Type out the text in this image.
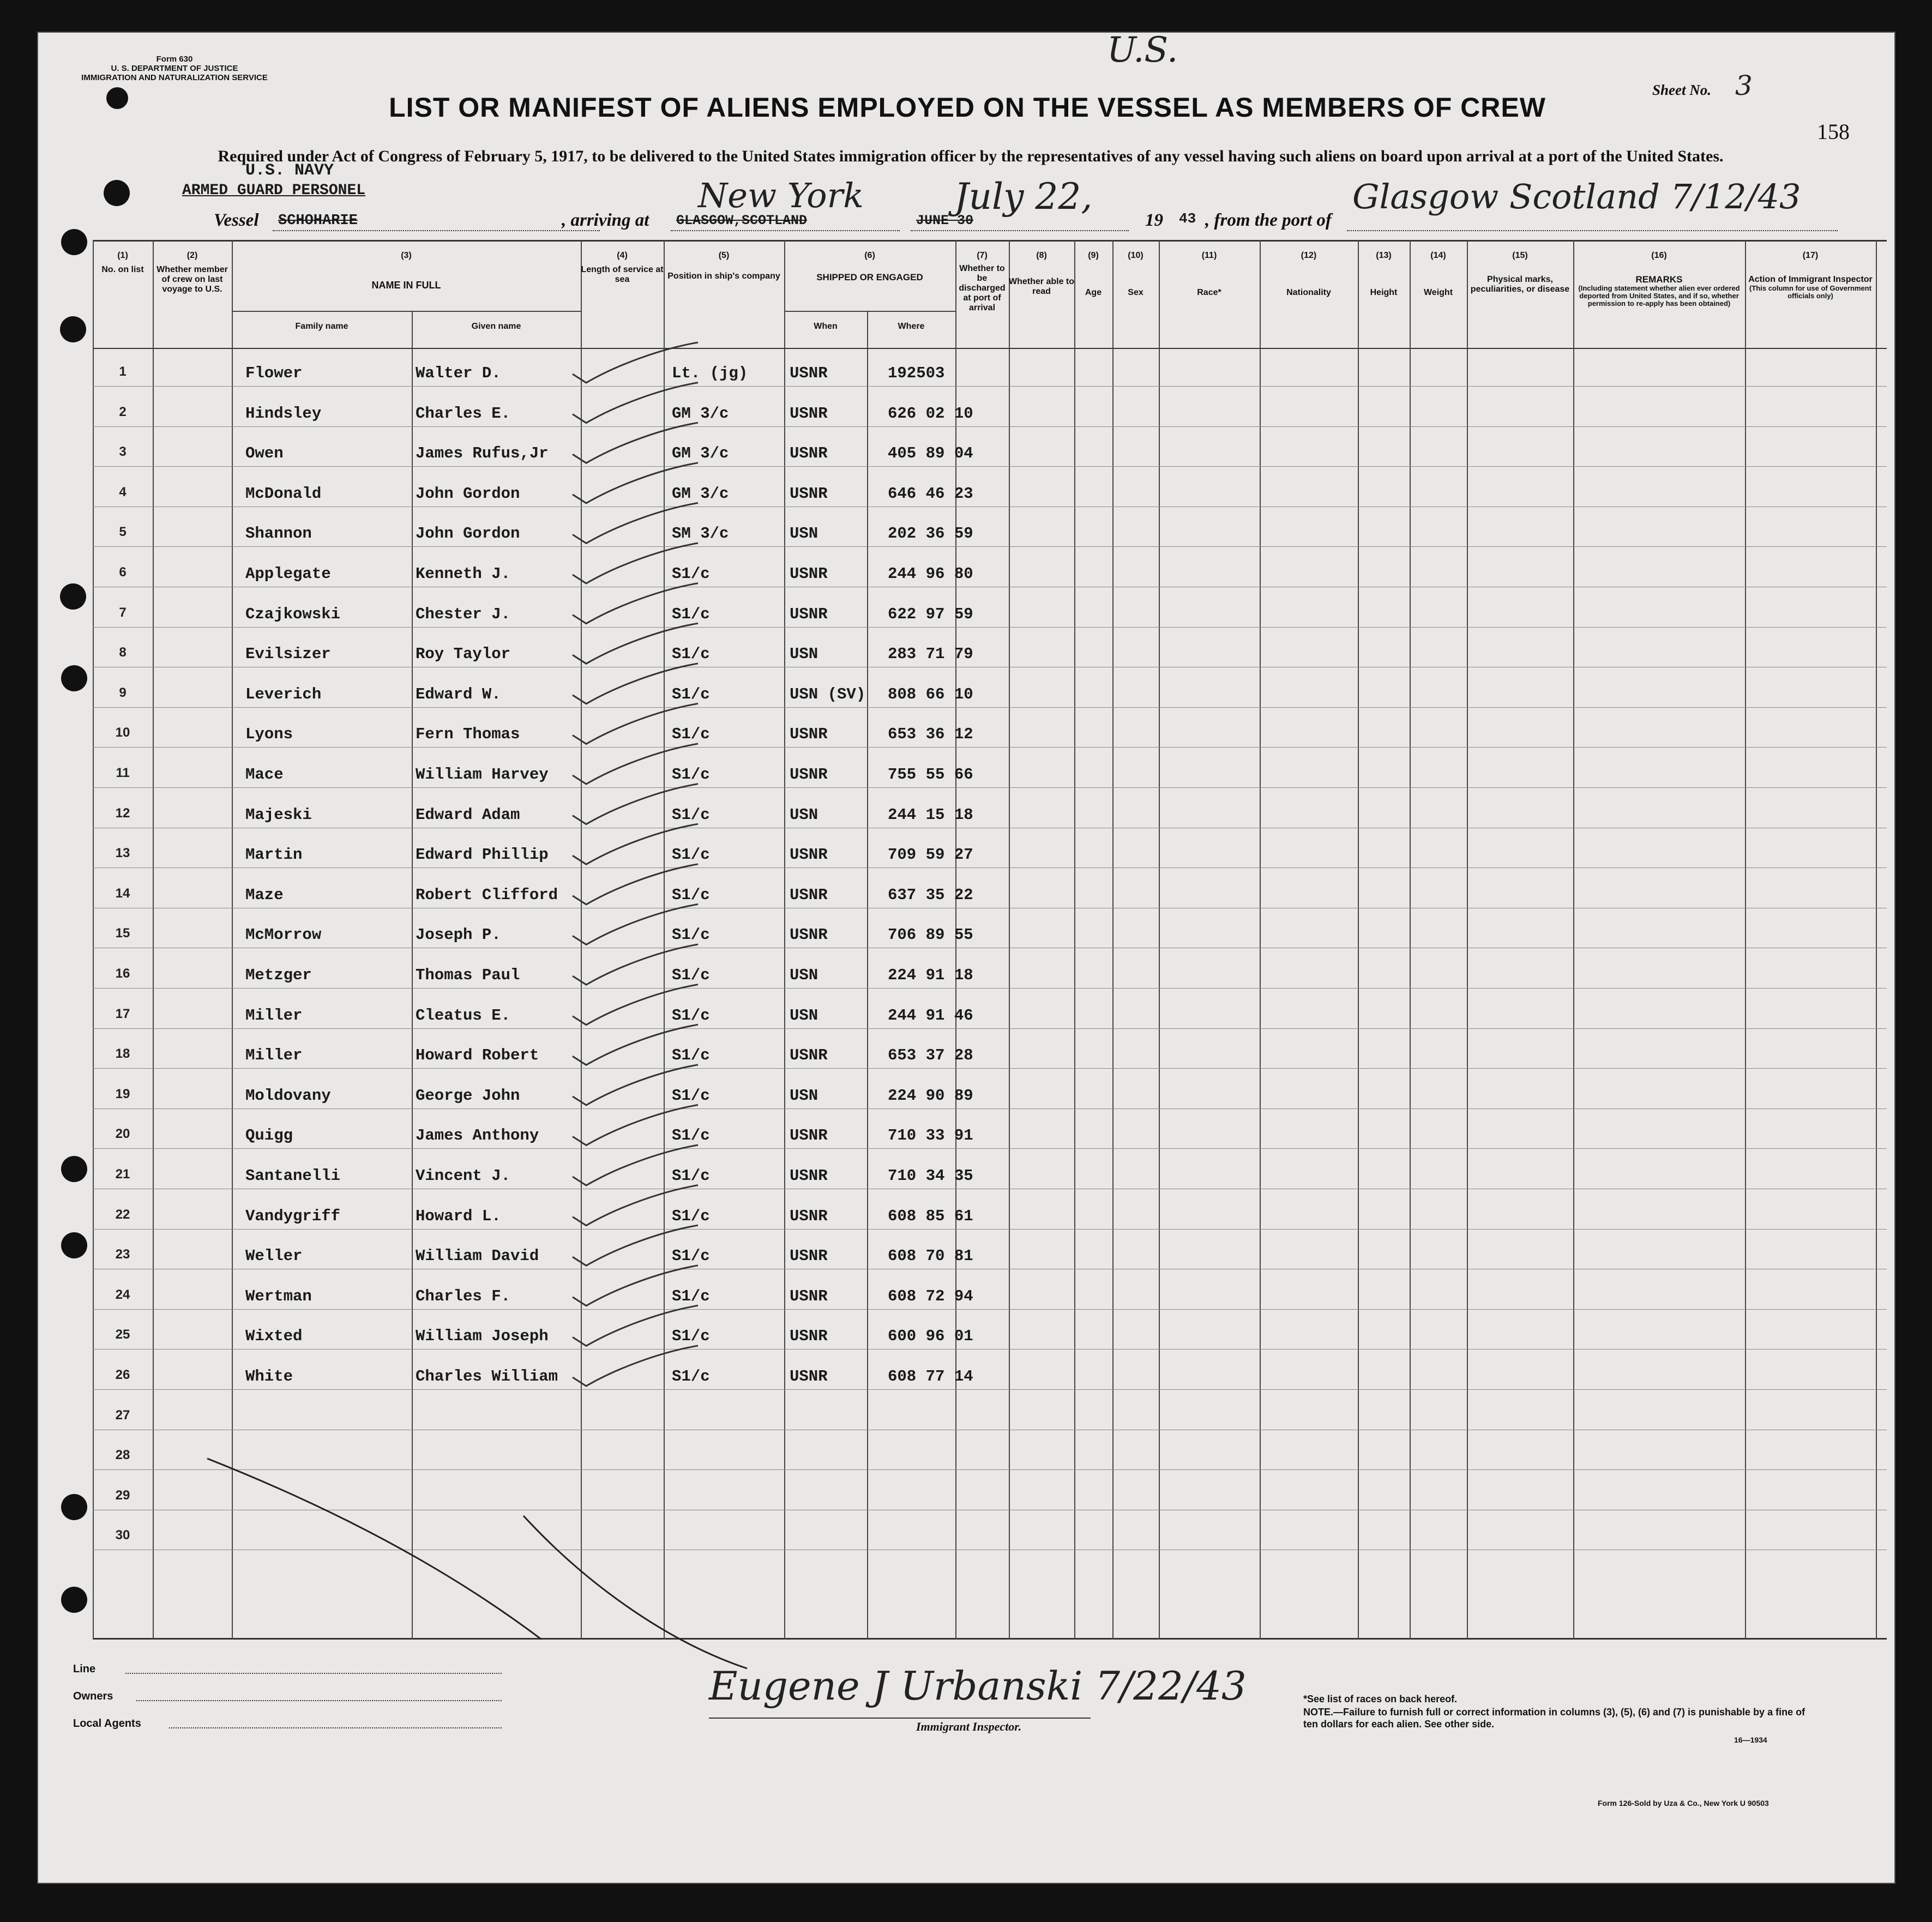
Form 630
U. S. DEPARTMENT OF JUSTICE
IMMIGRATION AND NATURALIZATION SERVICE
U.S.
Sheet No. 3
158
LIST OR MANIFEST OF ALIENS EMPLOYED ON THE VESSEL AS MEMBERS OF CREW
Required under Act of Congress of February 5, 1917, to be delivered to the United States immigration officer by the representatives of any vessel having such aliens on board upon arrival at a port of the United States.
U.S. NAVY
ARMED GUARD PERSONEL
Vessel SCHOHARIE	, arriving at GLASGOW,SCOTLAND
New York
JUNE 30
July 22,
19 43 , from the port of
Glasgow Scotland 7/12/43
(1)
No. on list
(2)
Whether member of crew on last voyage to U.S.
(3)
NAME IN FULL
Family name	Given name
(4)
Length of service at sea
(5)
Position in ship's company
(6)
SHIPPED OR ENGAGED
When	Where
(7)
Whether to be discharged at port of arrival
(8)
Whether able to read
(9)
Age
(10)
Sex
(11)
Race*
(12)
Nationality
(13)
Height
(14)
Weight
(15)
Physical marks, peculiarities, or disease
(16)
REMARKS
(Including statement whether alien ever ordered deported from United States, and if so, whether permission to re-apply has been obtained)
(17)
Action of Immigrant Inspector
(This column for use of Government officials only)
1	Flower	Walter D.	Lt. (jg)	USNR	192503
2	Hindsley	Charles E.	GM 3/c	USNR	626 02 10
3	Owen	James Rufus,Jr	GM 3/c	USNR	405 89 04
4	McDonald	John Gordon	GM 3/c	USNR	646 46 23
5	Shannon	John Gordon	SM 3/c	USN	202 36 59
6	Applegate	Kenneth J.	S1/c	USNR	244 96 80
7	Czajkowski	Chester J.	S1/c	USNR	622 97 59
8	Evilsizer	Roy Taylor	S1/c	USN	283 71 79
9	Leverich	Edward W.	S1/c	USN (SV) 808 66 10
10	Lyons	Fern Thomas	S1/c	USNR	653 36 12
11	Mace	William Harvey	S1/c	USNR	755 55 66
12	Majeski	Edward Adam	S1/c	USN	244 15 18
13	Martin	Edward Phillip	S1/c	USNR	709 59 27
14	Maze	Robert Clifford	S1/c	USNR	637 35 22
15	McMorrow	Joseph P.	S1/c	USNR	706 89 55
16	Metzger	Thomas Paul	S1/c	USN	224 91 18
17	Miller	Cleatus E.	S1/c	USN	244 91 46
18	Miller	Howard Robert	S1/c	USNR	653 37 28
19	Moldovany	George John	S1/c	USN	224 90 89
20	Quigg	James Anthony	S1/c	USNR	710 33 91
21	Santanelli	Vincent J.	S1/c	USNR	710 34 35
22	Vandygriff	Howard L.	S1/c	USNR	608 85 61
23	Weller	William David	S1/c	USNR	608 70 81
24	Wertman	Charles F.	S1/c	USNR	608 72 94
25	Wixted	William Joseph	S1/c	USNR	600 96 01
26	White	Charles William	S1/c	USNR	608 77 14
27
28
29
30
Line
Owners
Local Agents
Eugene J Urbanski 7/22/43
Immigrant Inspector.
*See list of races on back hereof.
NOTE.—Failure to furnish full or correct information in columns (3), (5), (6) and (7) is punishable by a fine of ten dollars for each alien. See other side.
16—1934
Form 126-Sold by Uza & Co., New York U 90503
